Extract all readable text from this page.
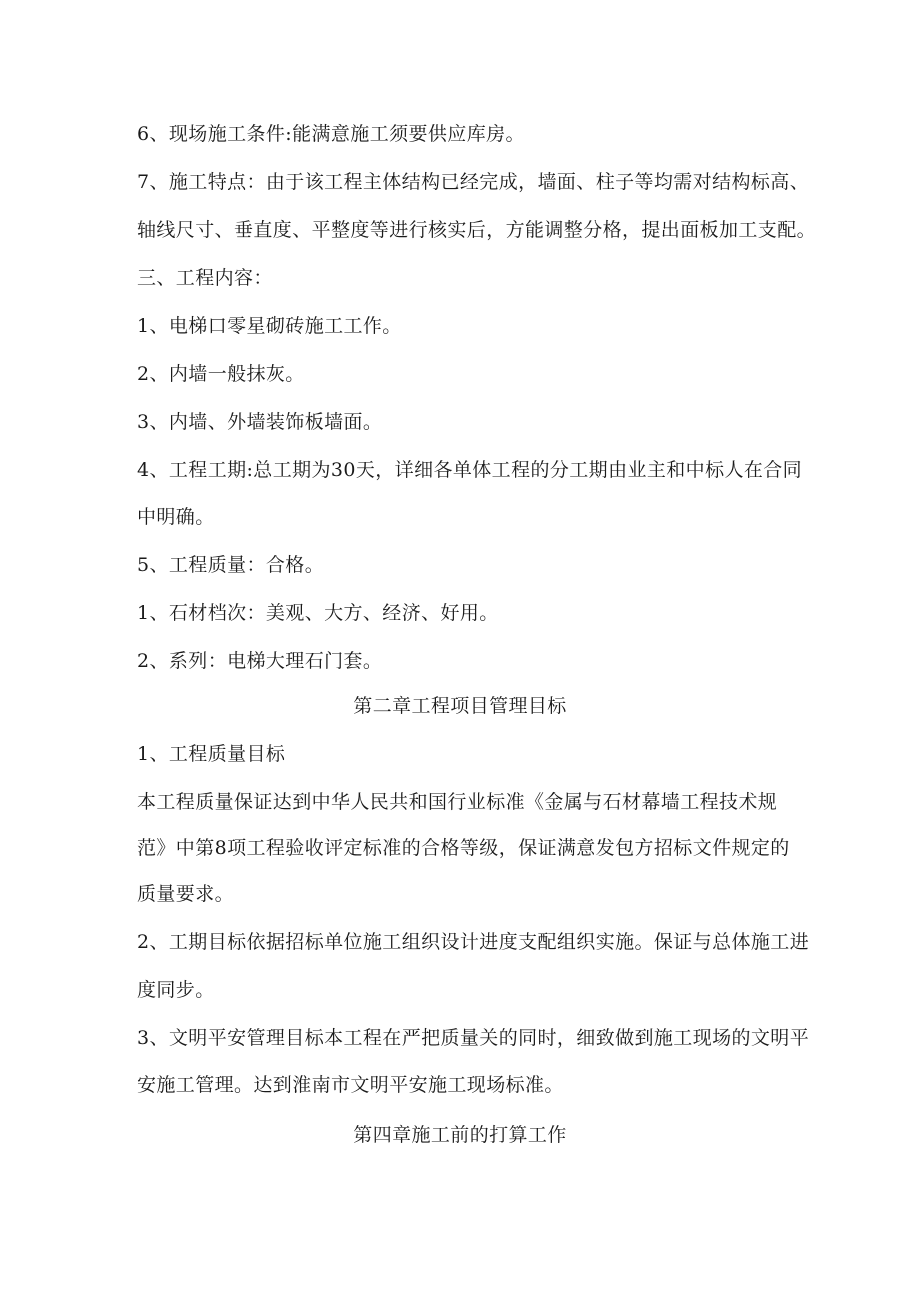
6、现场施工条件:能满意施工须要供应库房。
7、施工特点：由于该工程主体结构已经完成，墙面、柱子等均需对结构标高、
轴线尺寸、垂直度、平整度等进行核实后，方能调整分格，提出面板加工支配。
三、工程内容：
1、电梯口零星砌砖施工工作。
2、内墙一般抹灰。
3、内墙、外墙装饰板墙面。
4、工程工期:总工期为30天，详细各单体工程的分工期由业主和中标人在合同
中明确。
5、工程质量：合格。
1、石材档次：美观、大方、经济、好用。
2、系列：电梯大理石门套。
第二章工程项目管理目标
1、工程质量目标
本工程质量保证达到中华人民共和国行业标准《金属与石材幕墙工程技术规
范》中第8项工程验收评定标准的合格等级，保证满意发包方招标文件规定的
质量要求。
2、工期目标依据招标单位施工组织设计进度支配组织实施。保证与总体施工进
度同步。
3、文明平安管理目标本工程在严把质量关的同时，细致做到施工现场的文明平
安施工管理。达到淮南市文明平安施工现场标准。
第四章施工前的打算工作
